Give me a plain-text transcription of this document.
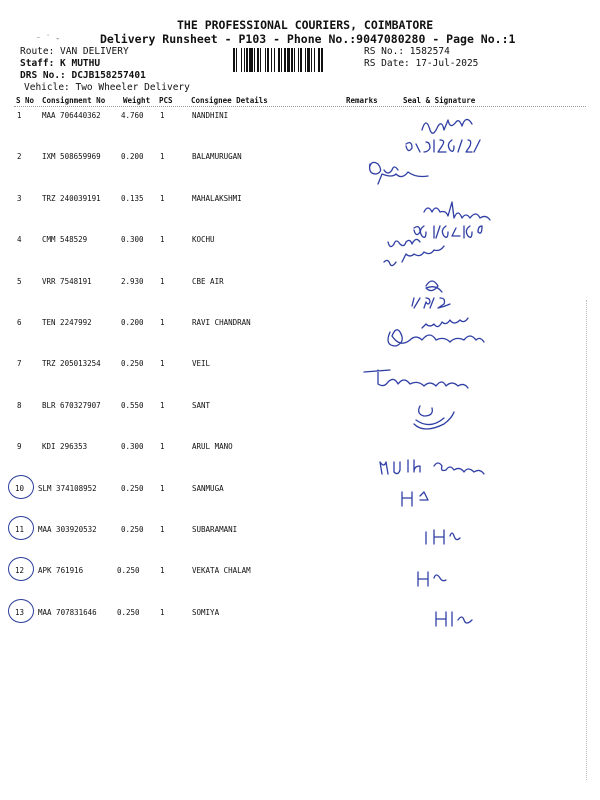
THE PROFESSIONAL COURIERS, COIMBATORE
Delivery Runsheet - P103 - Phone No.:9047080280 - Page No.:1
⁻ ˙ ‐
Route: VAN DELIVERY
Staff: K MUTHU
DRS No.: DCJB158257401
Vehicle: Two Wheeler Delivery
RS No.: 1582574
RS Date: 17-Jul-2025
S No Consignment No Weight PCS Consignee Details	Remarks	Seal & Signature
1	MAA 706440362	4.760 1	NANDHINI
2	IXM 508659969	0.200 1	BALAMURUGAN
3	TRZ 240039191	0.135 1	MAHALAKSHMI
4	CMM 548529	0.300 1	KOCHU
5	VRR 7548191	2.930 1	CBE AIR
6	TEN 2247992	0.200 1	RAVI CHANDRAN
7	TRZ 205013254	0.250 1	VEIL
8	BLR 670327907	0.550 1	SANT
9	KDI 296353	0.300 1	ARUL MANO
10 SLM 374108952	0.250 1	SANMUGA
11 MAA 303920532	0.250 1	SUBARAMANI
12 APK 761916	0.250	1	VEKATA CHALAM
13 MAA 707831646	0.250	1	SOMIYA
